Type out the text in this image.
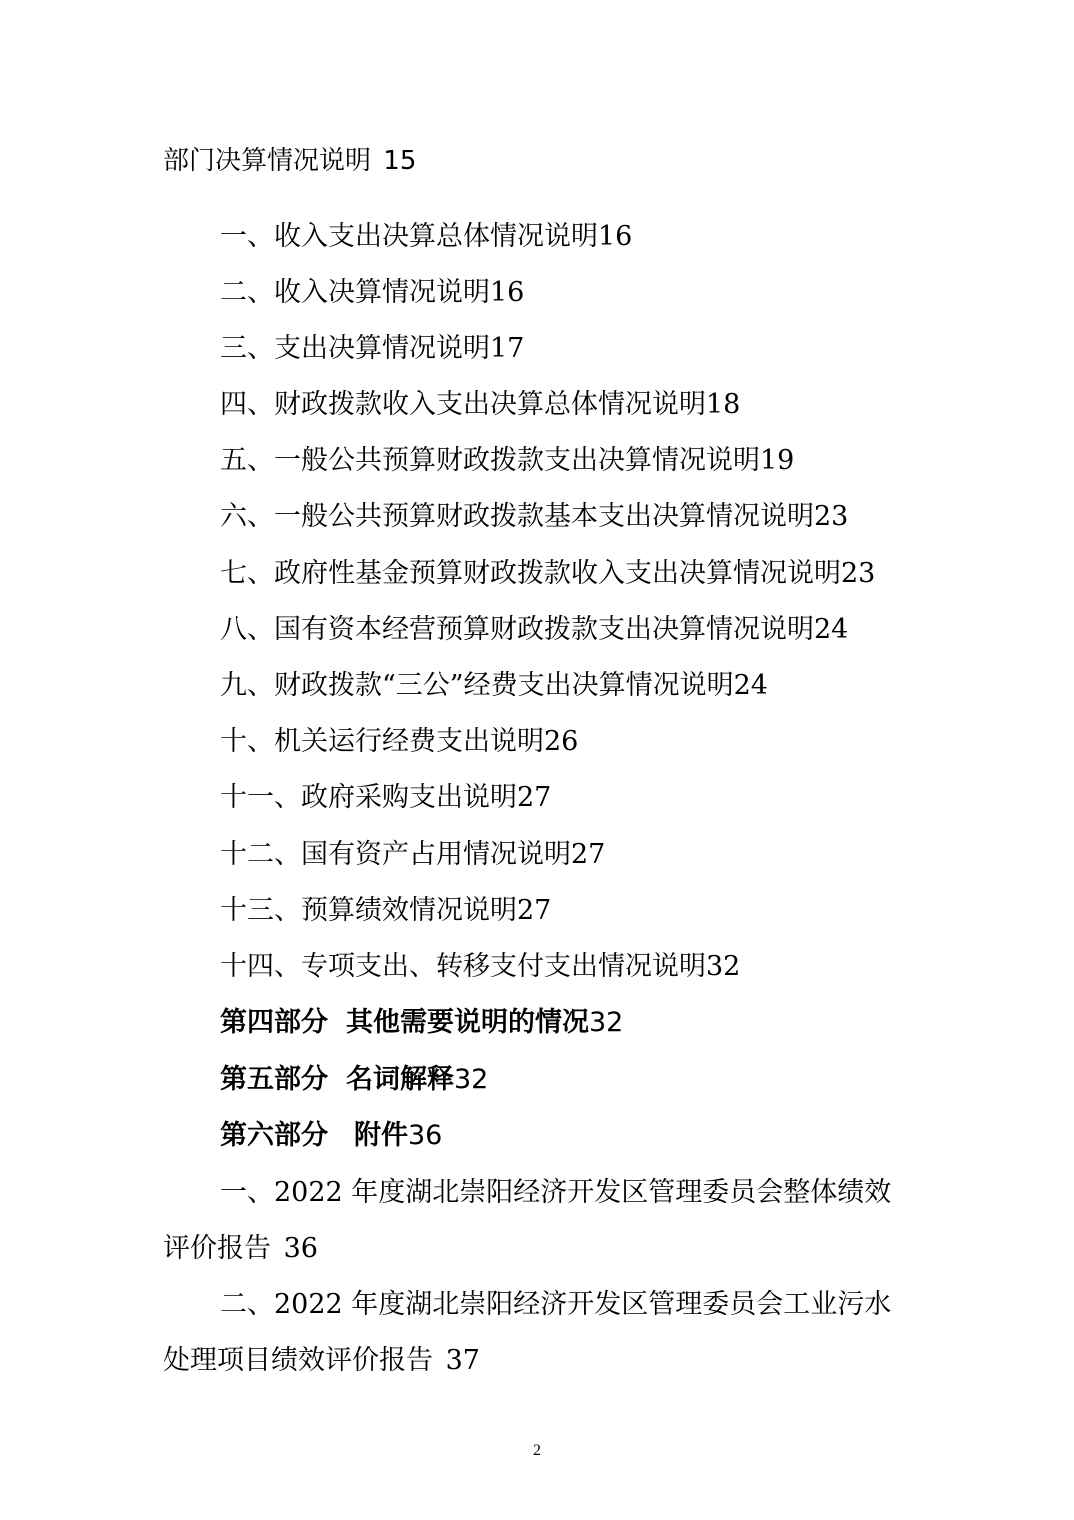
部门决算情况说明 15
一、收入支出决算总体情况说明16
二、收入决算情况说明16
三、支出决算情况说明17
四、财政拨款收入支出决算总体情况说明18
五、一般公共预算财政拨款支出决算情况说明19
六、一般公共预算财政拨款基本支出决算情况说明23
七、政府性基金预算财政拨款收入支出决算情况说明23
八、国有资本经营预算财政拨款支出决算情况说明24
九、财政拨款“三公”经费支出决算情况说明24
十、机关运行经费支出说明26
十一、政府采购支出说明27
十二、国有资产占用情况说明27
十三、预算绩效情况说明27
十四、专项支出、转移支付支出情况说明32
第四部分 其他需要说明的情况32
第五部分 名词解释32
第六部分 附件36
一、2022 年度湖北崇阳经济开发区管理委员会整体绩效
评价报告 36
二、2022 年度湖北崇阳经济开发区管理委员会工业污水
处理项目绩效评价报告 37
2
